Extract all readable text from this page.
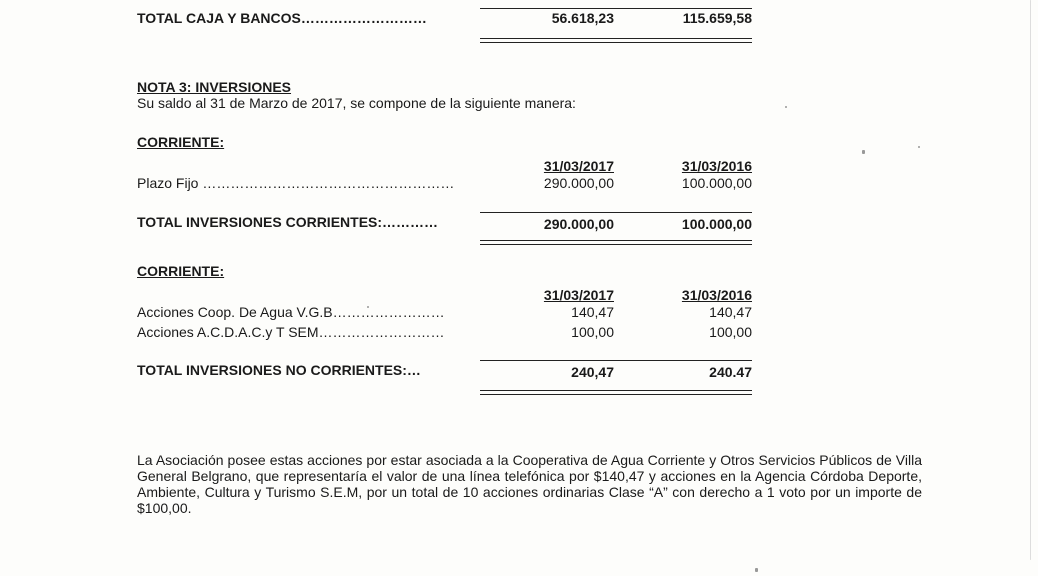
TOTAL CAJA Y BANCOS………………………	56.618,23	115.659,58
NOTA 3: INVERSIONES
Su saldo al 31 de Marzo de 2017, se compone de la siguiente manera:
CORRIENTE:
31/03/2017	31/03/2016
Plazo Fijo ………………………………………………	290.000,00	100.000,00
TOTAL INVERSIONES CORRIENTES:…………	290.000,00	100.000,00
CORRIENTE:
31/03/2017	31/03/2016
Acciones Coop. De Agua V.G.B……………………	140,47	140,47
Acciones A.C.D.A.C.y T SEM………………………	100,00	100,00
TOTAL INVERSIONES NO CORRIENTES:…	240,47	240.47
La Asociación posee estas acciones por estar asociada a la Cooperativa de Agua Corriente y Otros Servicios Públicos de Villa General Belgrano, que representaría el valor de una línea telefónica por $140,47 y acciones en la Agencia Córdoba Deporte, Ambiente, Cultura y Turismo S.E.M, por un total de 10 acciones ordinarias Clase “A” con derecho a 1 voto por un importe de $100,00.
